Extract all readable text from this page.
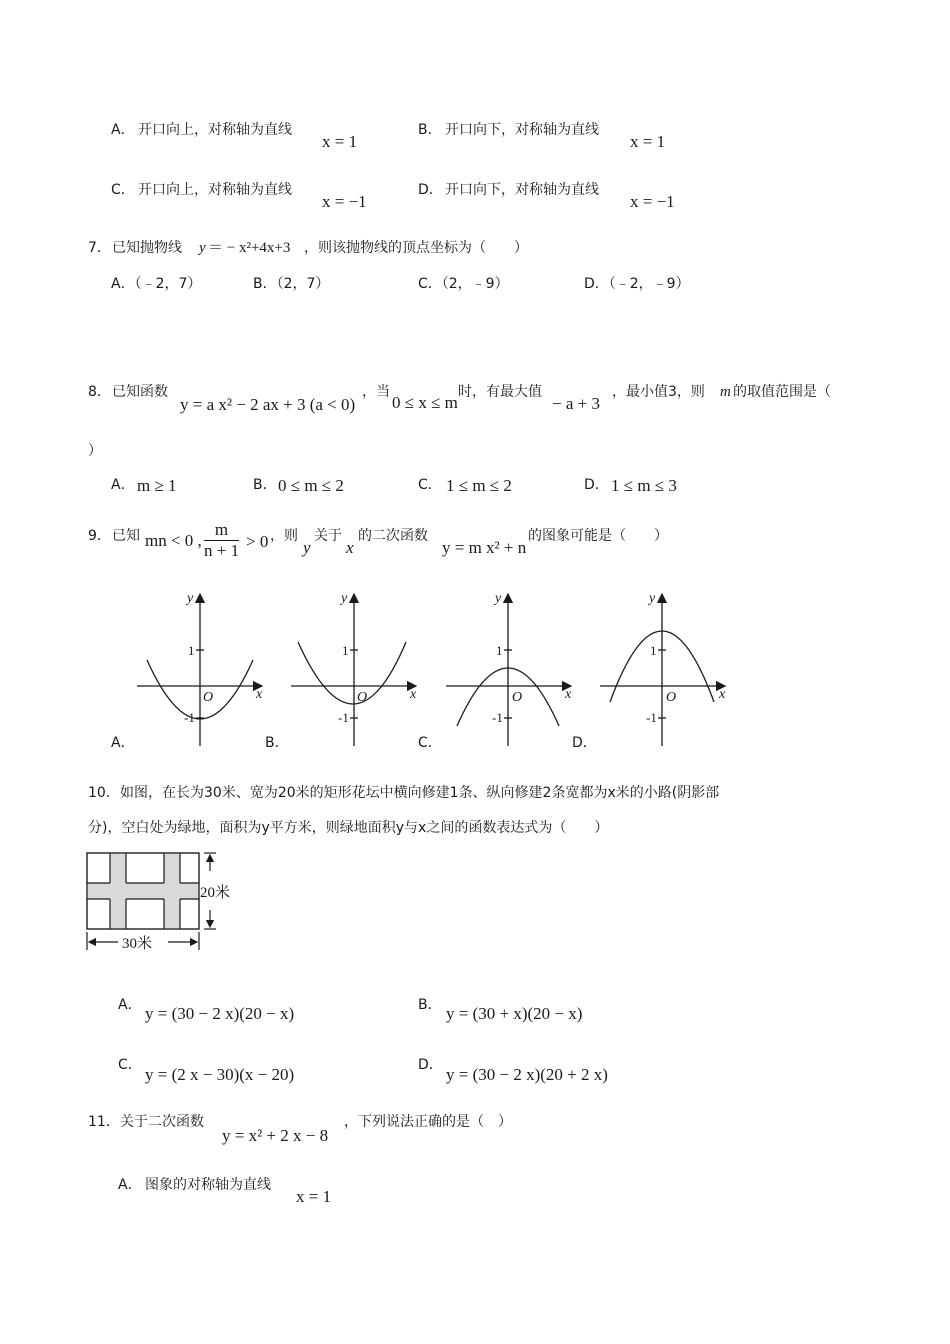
A． 开口向上，对称轴为直线
x = 1
B． 开口向下，对称轴为直线
x = 1
C． 开口向上，对称轴为直线
x = −1
D． 开口向下，对称轴为直线
x = −1
7． 已知抛物线 y ＝ − x²+4x+3 ，则该抛物线的顶点坐标为（　　）
A．（﹣2，7）	B．（2，7）	C．（2，﹣9）	D．（﹣2，﹣9）
8． 已知函数
y = a x² − 2 ax + 3 (a < 0)
，当
0 ≤ x ≤ m
时，有最大值
− a + 3
，最小值3，则 m 的取值范围是（
）
A． m ≥ 1	B． 0 ≤ m ≤ 2	C． 1 ≤ m ≤ 2	D． 1 ≤ m ≤ 3
9． 已知 mn < 0 , $\frac{m}{n + 1} > 0$ ，则
y
关于
x
的二次函数
y = m x² + n
的图象可能是（　　）
y
x
O
1
-1
y
x
O
1
-1
y
x
O
1
-1
y
x
O
1
-1
A．	B．	C．	D．
10． 如图，在长为30米、宽为20米的矩形花坛中横向修建1条、纵向修建2条宽都为x米的小路(阴影部
分)，空白处为绿地，面积为y平方米，则绿地面积y与x之间的函数表达式为（　　）
20米
30米
A． y = (30 − 2 x)(20 − x)	B． y = (30 + x)(20 − x)
C． y = (2 x − 30)(x − 20)	D． y = (30 − 2 x)(20 + 2 x)
11． 关于二次函数
y = x² + 2 x − 8
，下列说法正确的是（　）
A． 图象的对称轴为直线
x = 1
